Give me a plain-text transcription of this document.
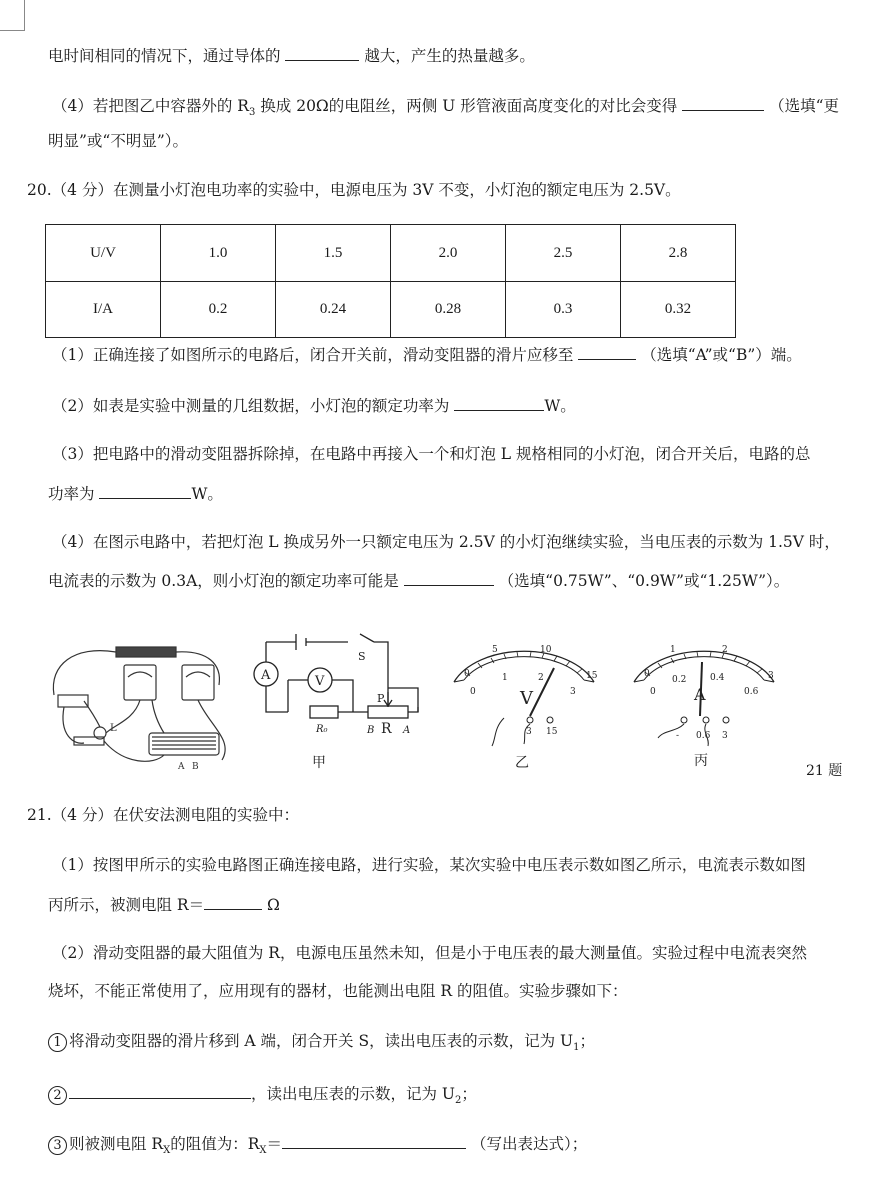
电时间相同的情况下，通过导体的	越大，产生的热量越多。
（4）若把图乙中容器外的 $R_3$ 换成 20Ω的电阻丝，两侧 U 形管液面高度变化的对比会变得	（选填“更
明显”或“不明显”）。
20.（4 分）在测量小灯泡电功率的实验中，电源电压为 3V 不变，小灯泡的额定电压为 2.5V。
U/V	1.0	1.5	2.0	2.5	2.8
I/A	0.2	0.24	0.28	0.3	0.32
（1）正确连接了如图所示的电路后，闭合开关前，滑动变阻器的滑片应移至	（选填“A”或“B”）端。
（2）如表是实验中测量的几组数据，小灯泡的额定功率为	W。
（3）把电路中的滑动变阻器拆除掉，在电路中再接入一个和灯泡 L 规格相同的小灯泡，闭合开关后，电路的总
功率为	W。
（4）在图示电路中，若把灯泡 L 换成另外一只额定电压为 2.5V 的小灯泡继续实验，当电压表的示数为 1.5V 时，
电流表的示数为 0.3A，则小灯泡的额定功率可能是	（选填“0.75W”、“0.9W”或“1.25W”）。
L
A B
A	V
S
P
R₀	R
B	A
0
5	10
15
0
1	2
3
V
3 15
0
1	2
3
0
0.2	0.4
0.6
A
- 0.6 3
甲	乙	丙
21 题
21.（4 分）在伏安法测电阻的实验中：
（1）按图甲所示的实验电路图正确连接电路，进行实验，某次实验中电压表示数如图乙所示，电流表示数如图
丙所示，被测电阻 R＝	Ω
（2）滑动变阻器的最大阻值为 R，电源电压虽然未知，但是小于电压表的最大测量值。实验过程中电流表突然
烧坏，不能正常使用了，应用现有的器材，也能测出电阻 R 的阻值。实验步骤如下：
1 将滑动变阻器的滑片移到 A 端，闭合开关 S，读出电压表的示数，记为 $U_1$；
2	，读出电压表的示数，记为 $U_2$；
3 则被测电阻 $R_X$的阻值为：$R_X=$	（写出表达式）；
